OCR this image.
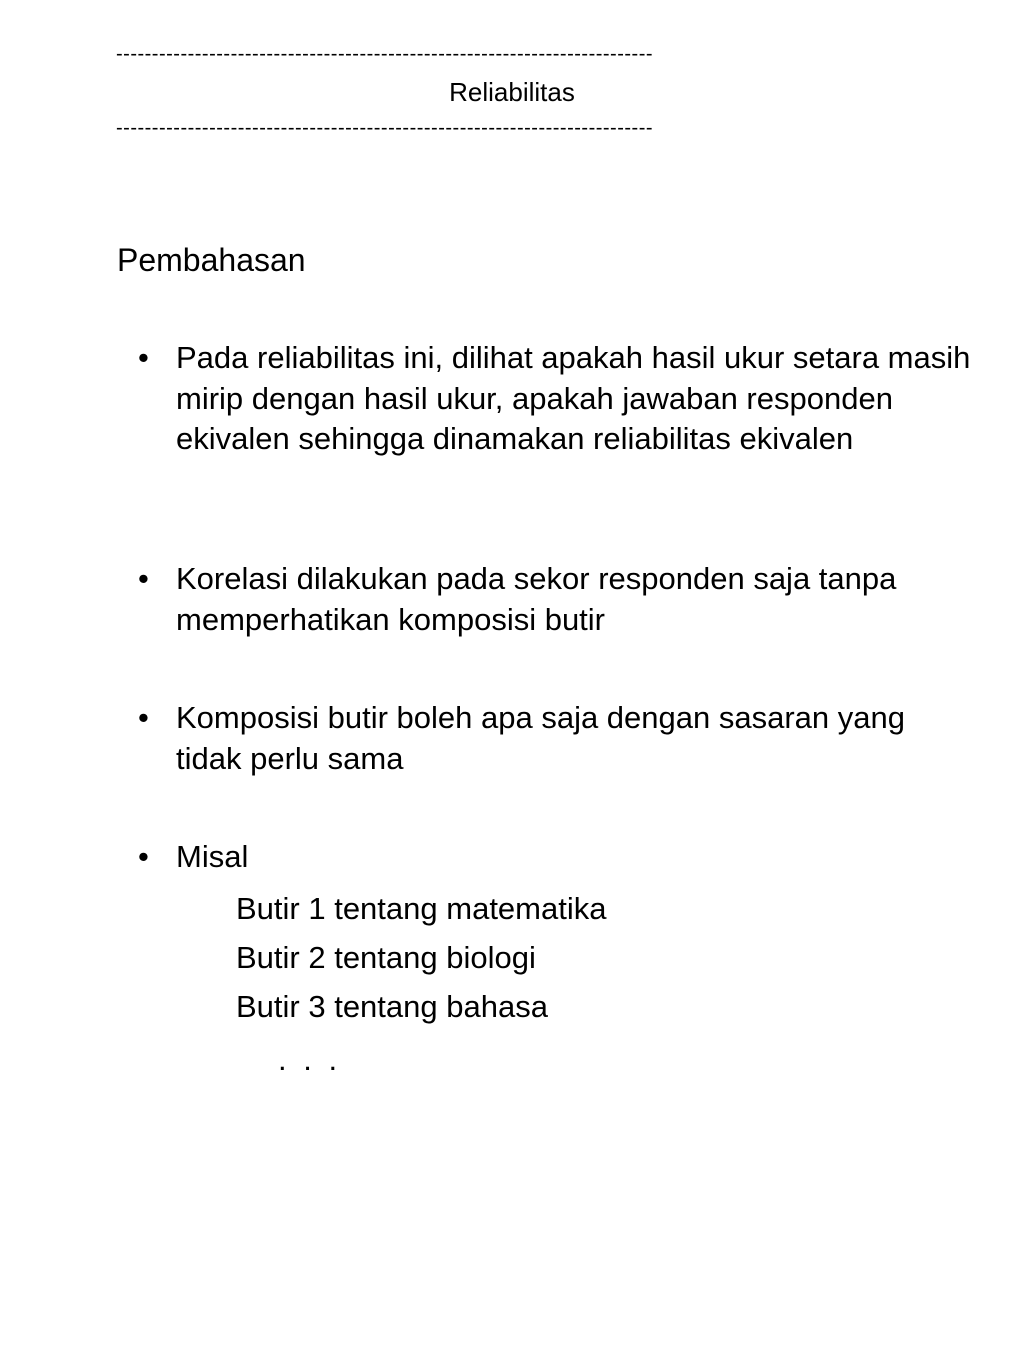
---------------------------------------------------------------------------
Reliabilitas
---------------------------------------------------------------------------
Pembahasan
• Pada reliabilitas ini, dilihat apakah hasil ukur setara masih mirip dengan hasil ukur, apakah jawaban responden ekivalen sehingga dinamakan reliabilitas ekivalen
• Korelasi dilakukan pada sekor responden saja tanpa memperhatikan komposisi butir
• Komposisi butir boleh apa saja dengan sasaran yang tidak perlu sama
• Misal
Butir 1 tentang matematika
Butir 2 tentang biologi
Butir 3 tentang bahasa
. . .
